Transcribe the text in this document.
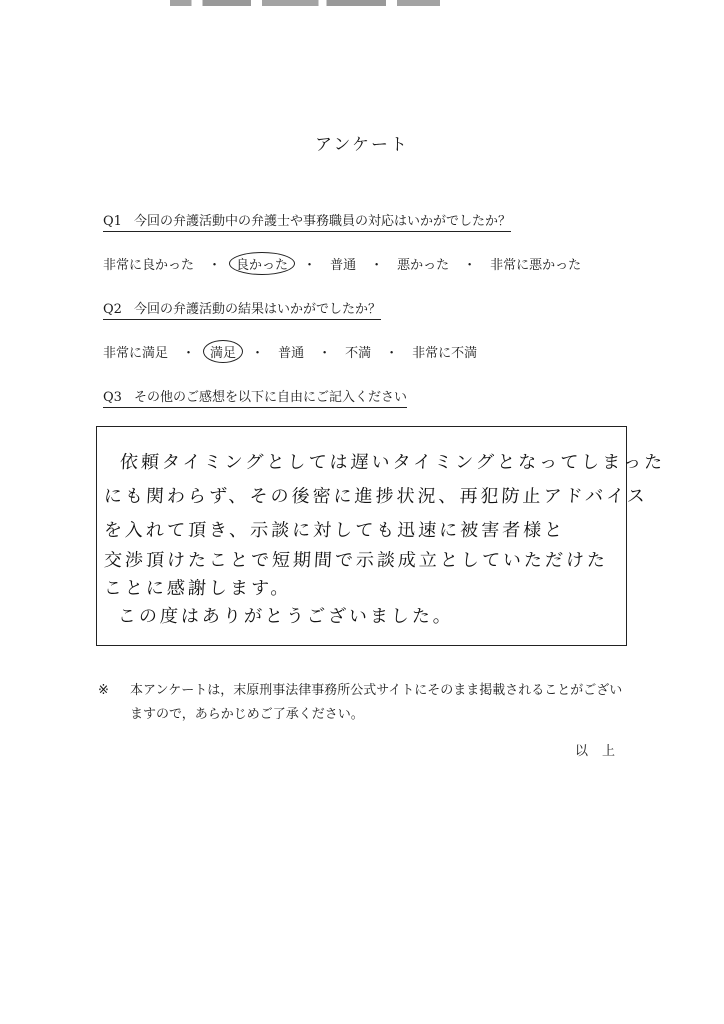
アンケート
Q1 今回の弁護活動中の弁護士や事務職員の対応はいかがでしたか？
非常に良かった ・	良かった	・ 普通 ・ 悪かった ・ 非常に悪かった
Q2 今回の弁護活動の結果はいかがでしたか？
非常に満足 ・	満足	・ 普通 ・ 不満 ・ 非常に不満
Q3 その他のご感想を以下に自由にご記入ください
依頼タイミングとしては遅いタイミングとなってしまった
にも関わらず、その後密に進捗状況、再犯防止アドバイス
を入れて頂き、示談に対しても迅速に被害者様と
交渉頂けたことで短期間で示談成立としていただけた
ことに感謝します。
この度はありがとうございました。
※ 本アンケートは，末原刑事法律事務所公式サイトにそのまま掲載されることがございますので，あらかじめご了承ください。
以上
